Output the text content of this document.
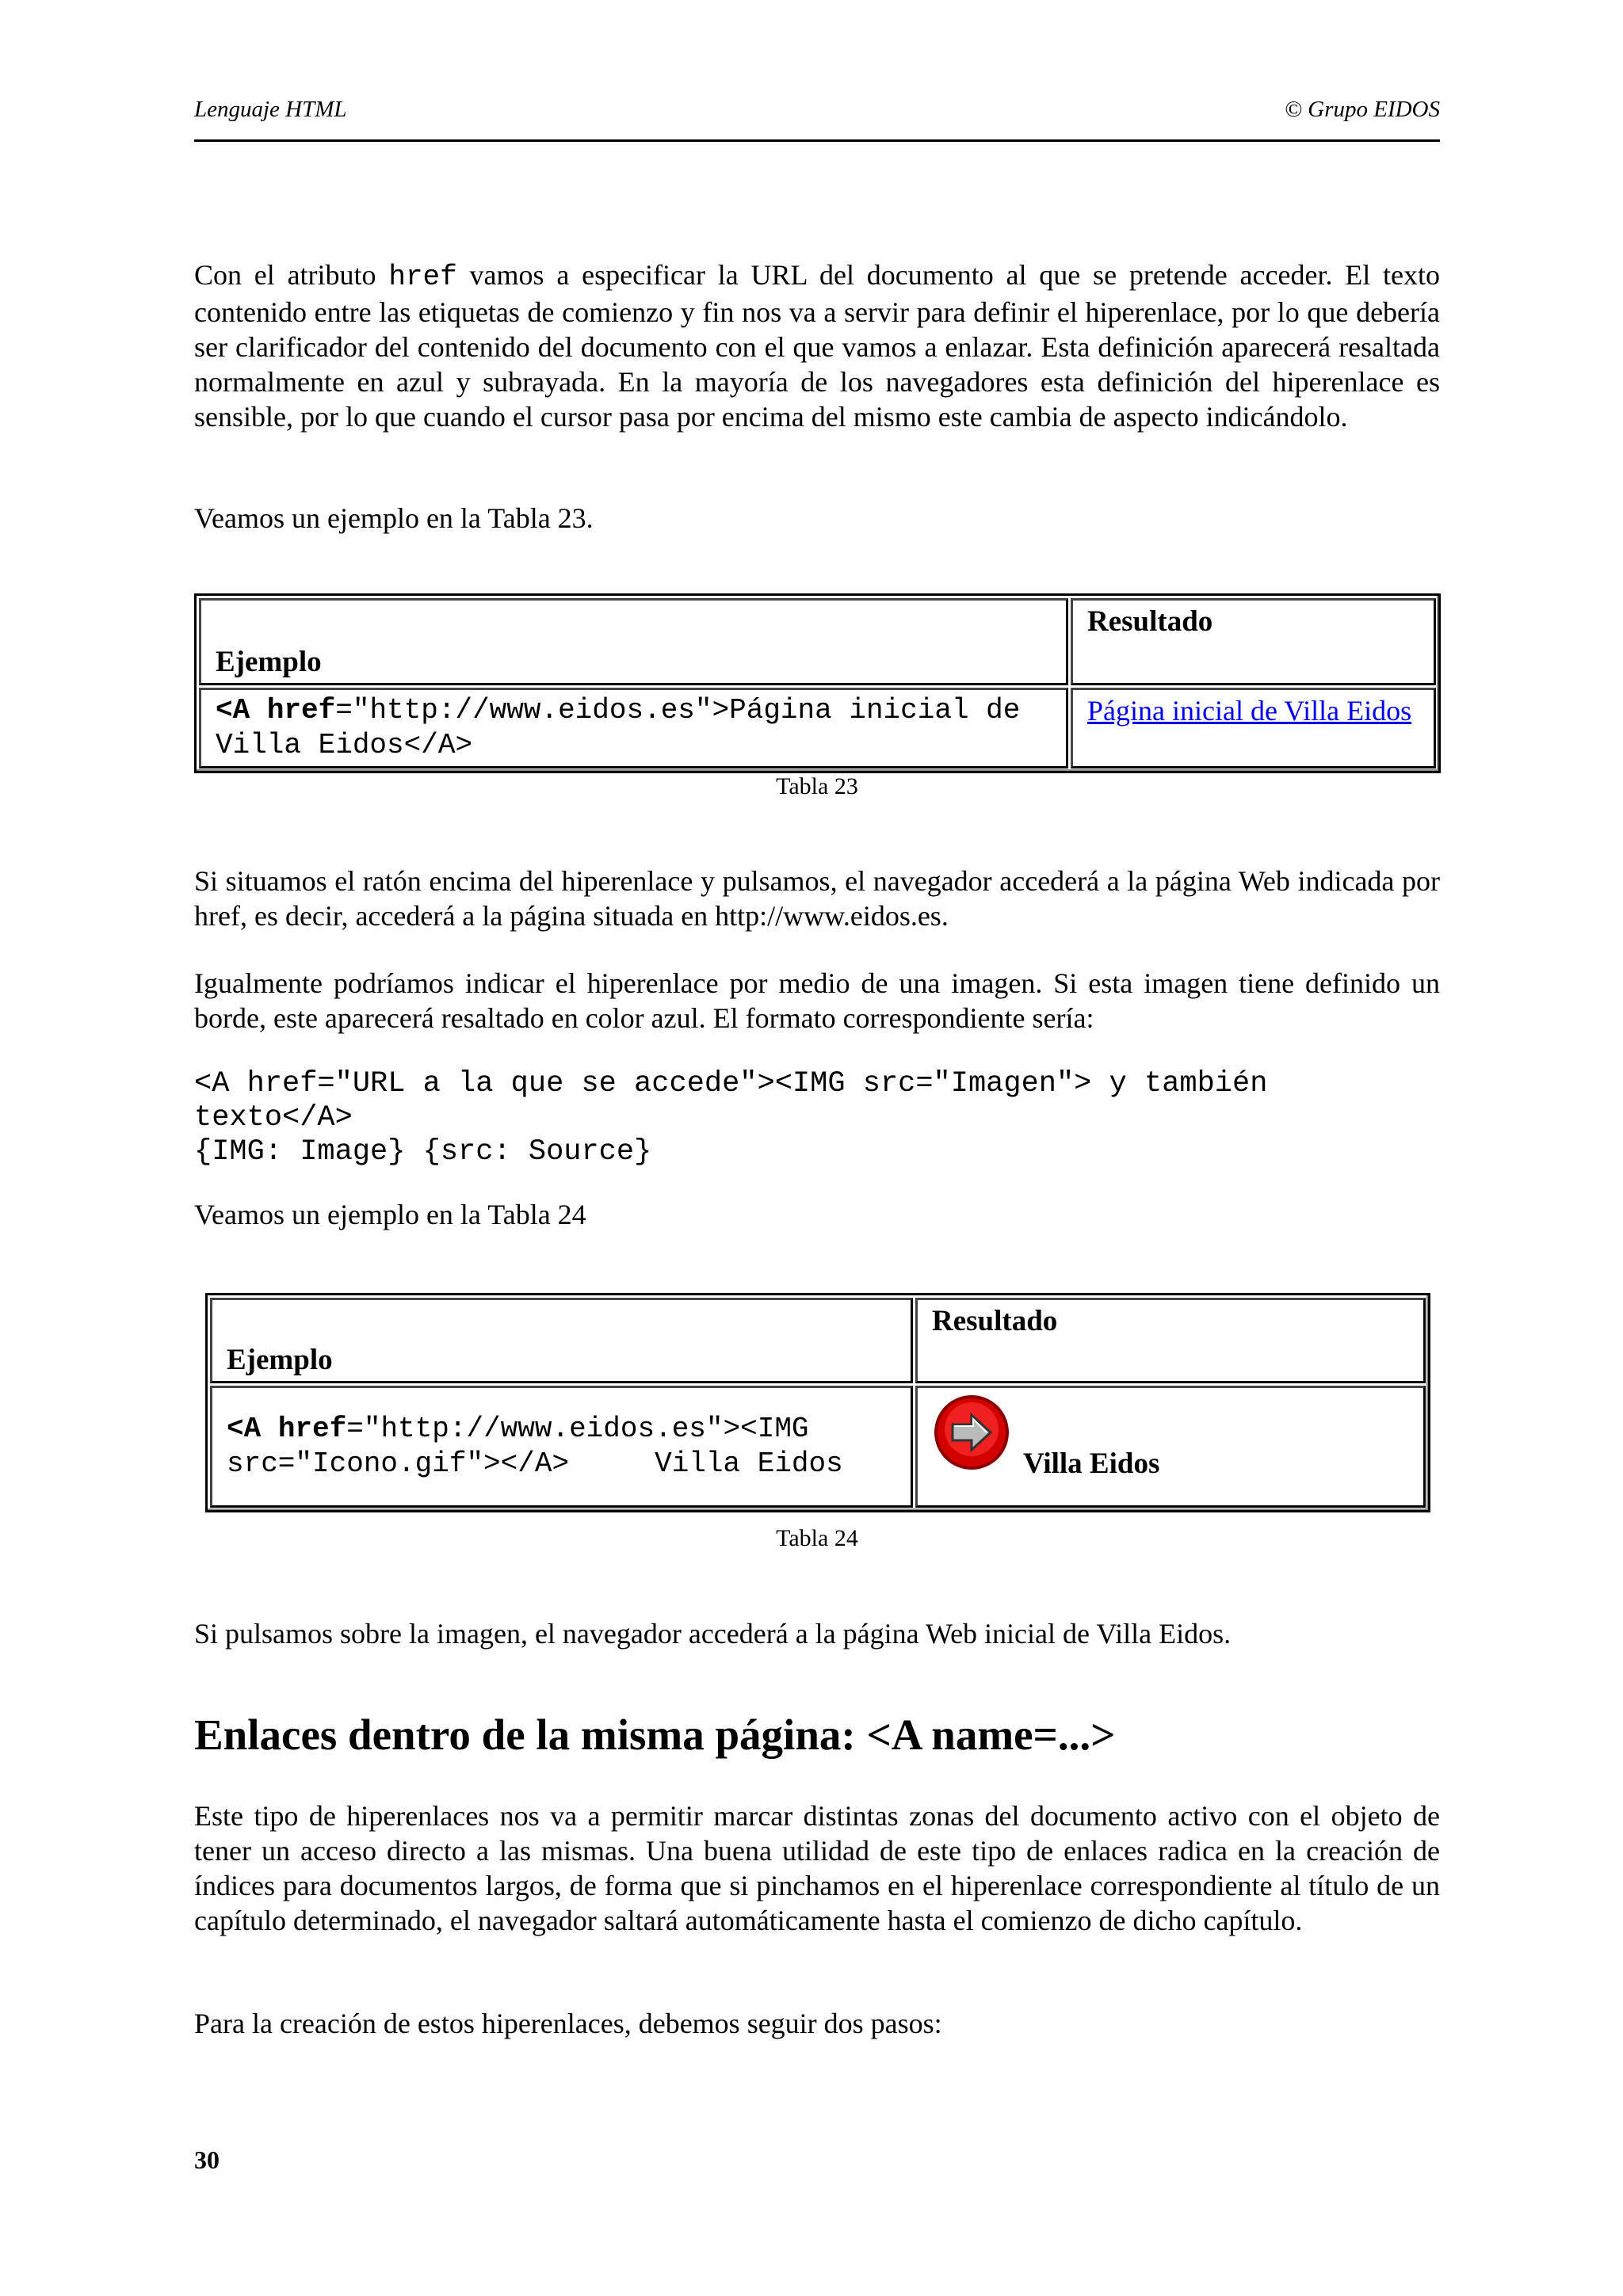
Lenguaje HTML	© Grupo EIDOS
Con el atributo href vamos a especificar la URL del documento al que se pretende acceder. El texto contenido entre las etiquetas de comienzo y fin nos va a servir para definir el hiperenlace, por lo que debería ser clarificador del contenido del documento con el que vamos a enlazar. Esta definición aparecerá resaltada normalmente en azul y subrayada. En la mayoría de los navegadores esta definición del hiperenlace es sensible, por lo que cuando el cursor pasa por encima del mismo este cambia de aspecto indicándolo.
Veamos un ejemplo en la Tabla 23.
Ejemplo	Resultado
<A href="http://www.eidos.es">Página inicial de Villa Eidos</A>	Página inicial de Villa Eidos
Tabla 23
Si situamos el ratón encima del hiperenlace y pulsamos, el navegador accederá a la página Web indicada por href, es decir, accederá a la página situada en http://www.eidos.es.
Igualmente podríamos indicar el hiperenlace por medio de una imagen. Si esta imagen tiene definido un borde, este aparecerá resaltado en color azul. El formato correspondiente sería:
<A href="URL a la que se accede"><IMG src="Imagen"> y también
texto</A>
{IMG: Image} {src: Source}
Veamos un ejemplo en la Tabla 24
Ejemplo	Resultado
<A href="http://www.eidos.es"><IMG src="Icono.gif"></A>     Villa Eidos	Villa Eidos
Tabla 24
Si pulsamos sobre la imagen, el navegador accederá a la página Web inicial de Villa Eidos.
Enlaces dentro de la misma página: <A name=...>
Este tipo de hiperenlaces nos va a permitir marcar distintas zonas del documento activo con el objeto de tener un acceso directo a las mismas. Una buena utilidad de este tipo de enlaces radica en la creación de índices para documentos largos, de forma que si pinchamos en el hiperenlace correspondiente al título de un capítulo determinado, el navegador saltará automáticamente hasta el comienzo de dicho capítulo.
Para la creación de estos hiperenlaces, debemos seguir dos pasos:
30
